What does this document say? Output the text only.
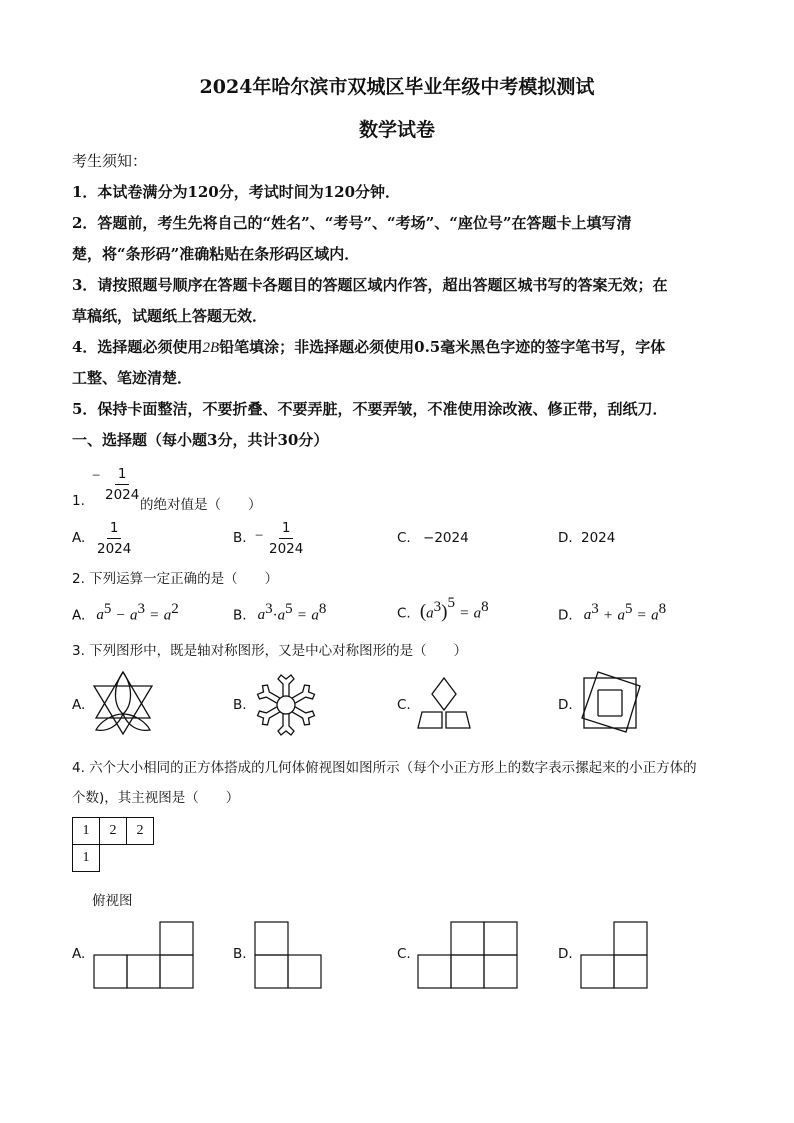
2024年哈尔滨市双城区毕业年级中考模拟测试
数学试卷
考生须知：
1．本试卷满分为120分，考试时间为120分钟．
2．答题前，考生先将自己的“姓名”、“考号”、“考场”、“座位号”在答题卡上填写清
楚，将“条形码”准确粘贴在条形码区域内．
3．请按照题号顺序在答题卡各题目的答题区域内作答，超出答题区城书写的答案无效；在
草稿纸，试题纸上答题无效．
4．选择题必须使用2B铅笔填涂；非选择题必须使用0.5毫米黑色字迹的签字笔书写，字体
工整、笔迹清楚．
5．保持卡面整洁，不要折叠、不要弄脏，不要弄皱，不准使用涂改液、修正带，刮纸刀．
一、选择题（每小题3分，共计30分）
1.
− $\frac{1}{2024}$
的绝对值是（　　）
A. $\frac{1}{2024}$	B. − $\frac{1}{2024}$	C. −2024	D. 2024
2. 下列运算一定正确的是（　　）
A. $a^5 - a^3 = a^2$	B. $a^3\cdot a^5 = a^8$	C. $(a^3)^5 = a^8$
D. $a^3 + a^5 = a^8$
3. 下列图形中，既是轴对称图形，又是中心对称图形的是（　　）
A.	B.	C.	D.
4. 六个大小相同的正方体搭成的几何体俯视图如图所示（每个小正方形上的数字表示摞起来的小正方体的
个数)，其主视图是（　　）
1	2	2
1		
俯视图
A.	B.	C.	D.
